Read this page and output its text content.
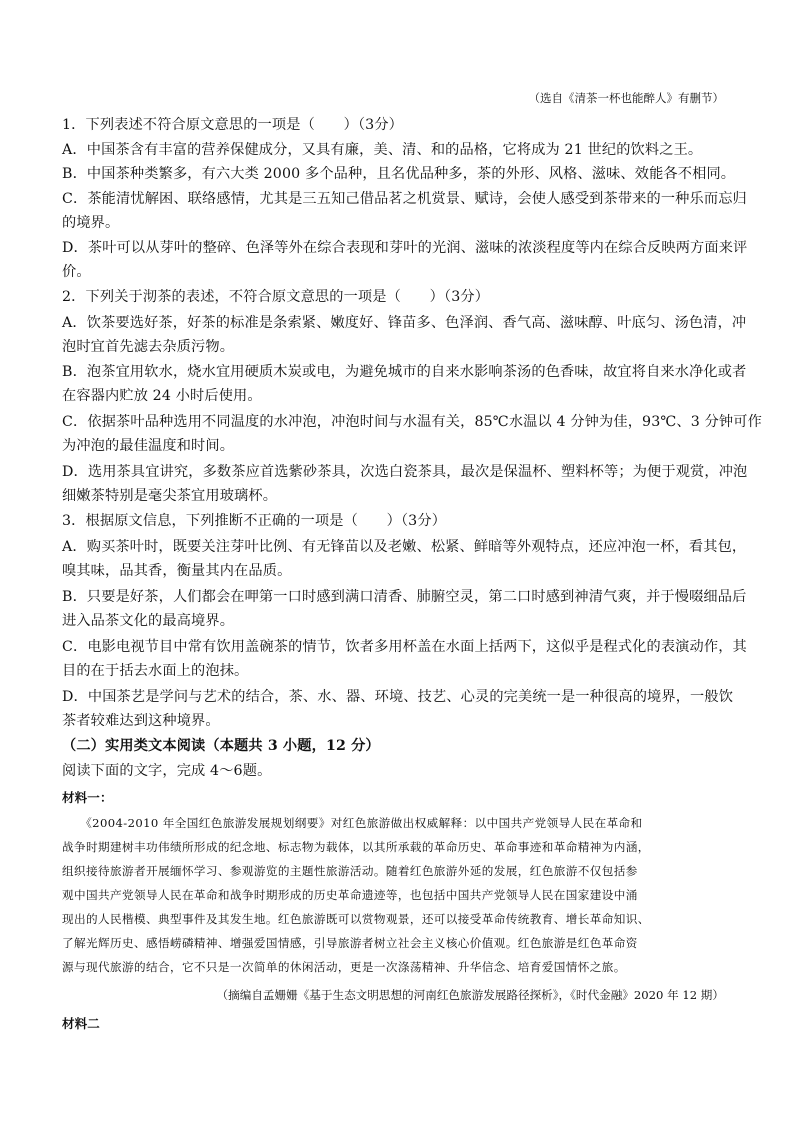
（选自《清茶一杯也能醉人》有删节）
1．下列表述不符合原文意思的一项是（　　）（3分）
A．中国茶含有丰富的营养保健成分，又具有廉，美、清、和的品格，它将成为 21 世纪的饮料之王。
B．中国茶种类繁多，有六大类 2000 多个品种，且名优品种多，茶的外形、风格、滋味、效能各不相同。
C．茶能清忧解困、联络感情，尤其是三五知己借品茗之机赏景、赋诗，会使人感受到茶带来的一种乐而忘归
的境界。
D．茶叶可以从芽叶的整碎、色泽等外在综合表现和芽叶的光润、滋味的浓淡程度等内在综合反映两方面来评
价。
2．下列关于沏茶的表述，不符合原文意思的一项是（　　）（3分）
A．饮茶要选好茶，好茶的标准是条索紧、嫩度好、锋苗多、色泽润、香气高、滋味醇、叶底匀、汤色清，冲
泡时宜首先滤去杂质污物。
B．泡茶宜用软水，烧水宜用硬质木炭或电，为避免城市的自来水影响茶汤的色香味，故宜将自来水净化或者
在容器内贮放 24 小时后使用。
C．依据茶叶品种选用不同温度的水冲泡，冲泡时间与水温有关，85℃水温以 4 分钟为佳，93℃、3 分钟可作
为冲泡的最佳温度和时间。
D．选用茶具宜讲究，多数茶应首选紫砂茶具，次选白瓷茶具，最次是保温杯、塑料杯等；为便于观赏，冲泡
细嫩茶特别是毫尖茶宜用玻璃杯。
3．根据原文信息，下列推断不正确的一项是（　　）（3分）
A．购买茶叶时，既要关注芽叶比例、有无锋苗以及老嫩、松紧、鲜暗等外观特点，还应冲泡一杯，看其包，
嗅其味，品其香，衡量其内在品质。
B．只要是好茶，人们都会在呷第一口时感到满口清香、肺腑空灵，第二口时感到神清气爽，并于慢啜细品后
进入品茶文化的最高境界。
C．电影电视节目中常有饮用盖碗茶的情节，饮者多用杯盖在水面上括两下，这似乎是程式化的表演动作，其
目的在于括去水面上的泡抹。
D．中国茶艺是学问与艺术的结合，茶、水、器、环境、技艺、心灵的完美统一是一种很高的境界，一般饮
茶者较难达到这种境界。
（二）实用类文本阅读（本题共 3 小题，12 分）
阅读下面的文字，完成 4～6题。
材料一：
　　《2004-2010 年全国红色旅游发展规划纲要》对红色旅游做出权威解释：以中国共产党领导人民在革命和
战争时期建树丰功伟绩所形成的纪念地、标志物为载体，以其所承载的革命历史、革命事迹和革命精神为内涵，
组织接待旅游者开展缅怀学习、参观游览的主题性旅游活动。随着红色旅游外延的发展，红色旅游不仅包括参
观中国共产党领导人民在革命和战争时期形成的历史革命遗迹等，也包括中国共产党领导人民在国家建设中涌
现出的人民楷模、典型事件及其发生地。红色旅游既可以赏物观景，还可以接受革命传统教育、增长革命知识、
了解光辉历史、感悟崂磷精神、增强爱国情感，引导旅游者树立社会主义核心价值观。红色旅游是红色革命资
源与现代旅游的结合，它不只是一次简单的休闲活动，更是一次涤荡精神、升华信念、培育爱国情怀之旅。
（摘编自孟姗姗《基于生态文明思想的河南红色旅游发展路径探析》，《时代金融》2020 年 12 期）
材料二
